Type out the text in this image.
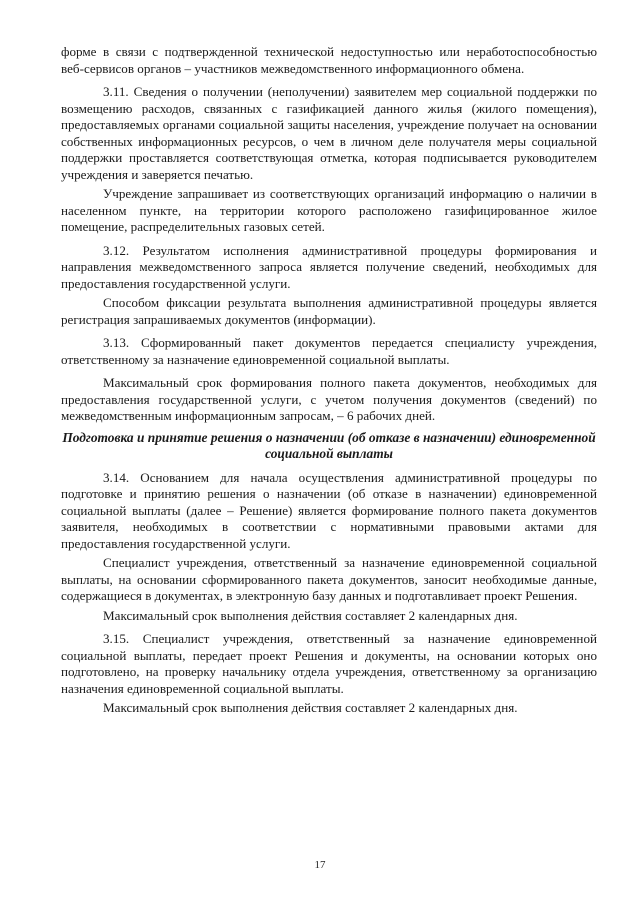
форме в связи с подтвержденной технической недоступностью или неработоспособностью веб-сервисов органов – участников межведомственного информационного обмена.

3.11. Сведения о получении (неполучении) заявителем мер социальной поддержки по возмещению расходов, связанных с газификацией данного жилья (жилого помещения), предоставляемых органами социальной защиты населения, учреждение получает на основании собственных информационных ресурсов, о чем в личном деле получателя меры социальной поддержки проставляется соответствующая отметка, которая подписывается руководителем учреждения и заверяется печатью.

Учреждение запрашивает из соответствующих организаций информацию о наличии в населенном пункте, на территории которого расположено газифицированное жилое помещение, распределительных газовых сетей.

3.12. Результатом исполнения административной процедуры формирования и направления межведомственного запроса является получение сведений, необходимых для предоставления государственной услуги.

Способом фиксации результата выполнения административной процедуры является регистрация запрашиваемых документов (информации).

3.13. Сформированный пакет документов передается специалисту учреждения, ответственному за назначение единовременной социальной выплаты.

Максимальный срок формирования полного пакета документов, необходимых для предоставления государственной услуги, с учетом получения документов (сведений) по межведомственным информационным запросам, – 6 рабочих дней.

Подготовка и принятие решения о назначении (об отказе в назначении) единовременной социальной выплаты

3.14. Основанием для начала осуществления административной процедуры по подготовке и принятию решения о назначении (об отказе в назначении) единовременной социальной выплаты (далее – Решение) является формирование полного пакета документов заявителя, необходимых в соответствии с нормативными правовыми актами для предоставления государственной услуги.

Специалист учреждения, ответственный за назначение единовременной социальной выплаты, на основании сформированного пакета документов, заносит необходимые данные, содержащиеся в документах, в электронную базу данных и подготавливает проект Решения.

Максимальный срок выполнения действия составляет 2 календарных дня.

3.15. Специалист учреждения, ответственный за назначение единовременной социальной выплаты, передает проект Решения и документы, на основании которых оно подготовлено, на проверку начальнику отдела учреждения, ответственному за организацию назначения единовременной социальной выплаты.

Максимальный срок выполнения действия составляет 2 календарных дня.

17
